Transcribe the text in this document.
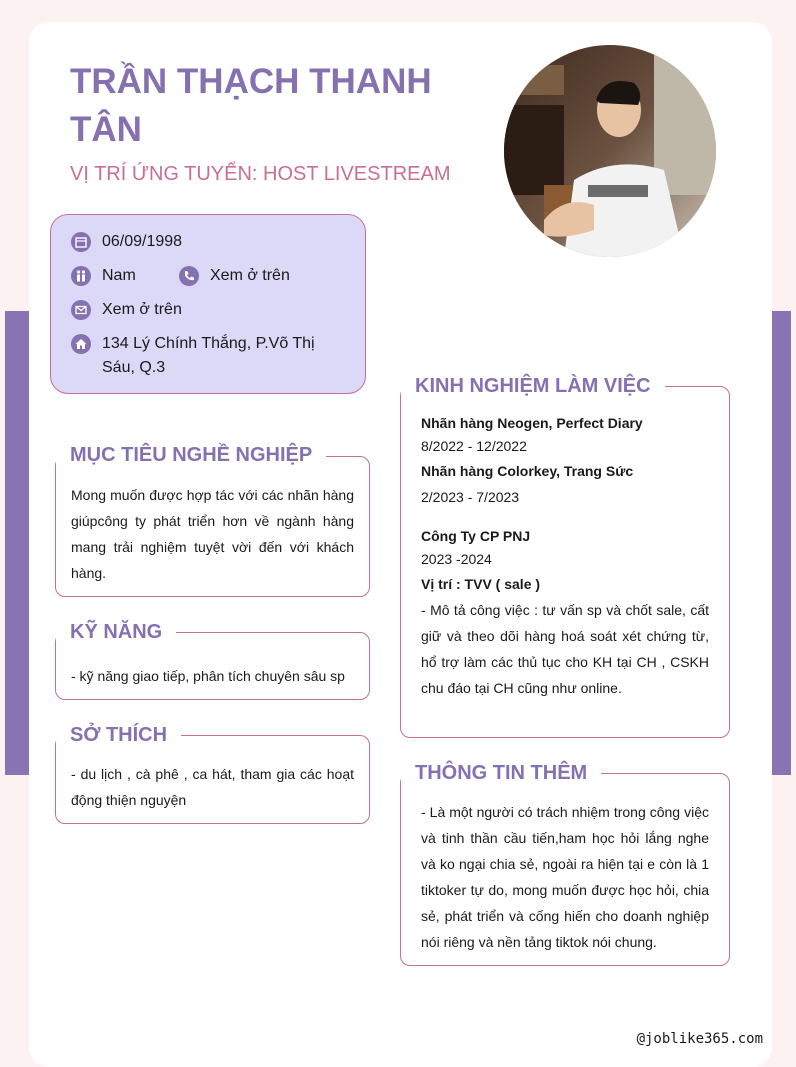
TRẦN THẠCH THANH TÂN
VỊ TRÍ ỨNG TUYỂN: HOST LIVESTREAM
06/09/1998
Nam	Xem ở trên
Xem ở trên
134 Lý Chính Thắng, P.Võ Thị Sáu, Q.3
MỤC TIÊU NGHỀ NGHIỆP
Mong muốn được hợp tác với các nhãn hàng giúpcông ty phát triển hơn về ngành hàng mang trải nghiệm tuyệt vời đến với khách hàng.
KỸ NĂNG
- kỹ năng giao tiếp, phân tích chuyên sâu sp
SỞ THÍCH
- du lịch , cà phê , ca hát, tham gia các hoạt động thiện nguyện
KINH NGHIỆM LÀM VIỆC
Nhãn hàng Neogen, Perfect Diary
8/2022 - 12/2022
Nhãn hàng Colorkey, Trang Sức
2/2023 - 7/2023
Công Ty CP PNJ
2023 -2024
Vị trí : TVV ( sale )
- Mô tả công việc : tư vấn sp và chốt sale, cất giữ và theo dõi hàng hoá soát xét chứng từ, hổ trợ làm các thủ tục cho KH tại CH , CSKH chu đáo tại CH cũng như online.
THÔNG TIN THÊM
- Là một người có trách nhiệm trong công việc và tinh thần cầu tiến,ham học hỏi lắng nghe và ko ngại chia sẻ, ngoài ra hiện tại e còn là 1 tiktoker tự do, mong muốn được học hỏi, chia sẻ, phát triển và cống hiến cho doanh nghiệp nói riêng và nền tảng tiktok nói chung.
@joblike365.com
